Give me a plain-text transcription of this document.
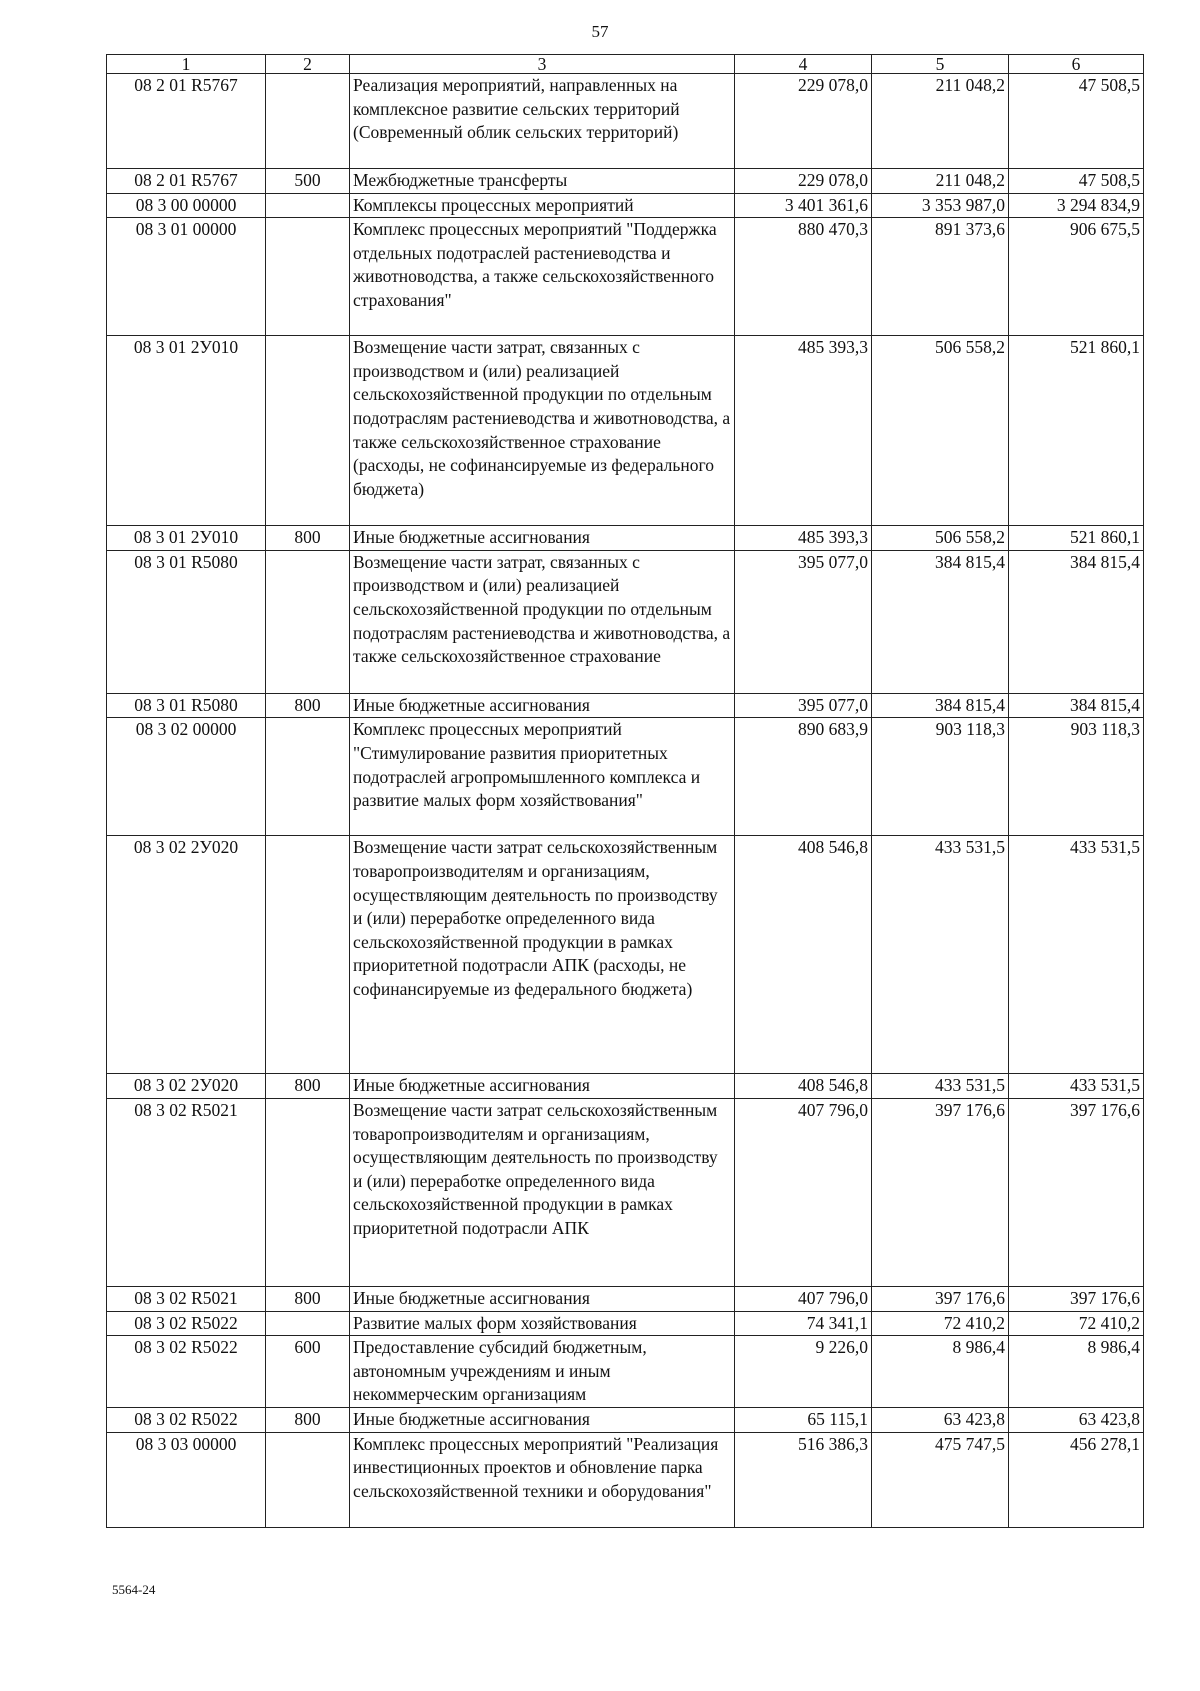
57
1	2	3	4	5	6
08 2 01 R5767		Реализация мероприятий, направленных на комплексное развитие сельских территорий (Современный облик сельских территорий)	229 078,0	211 048,2	47 508,5
08 2 01 R5767	500	Межбюджетные трансферты	229 078,0	211 048,2	47 508,5
08 3 00 00000		Комплексы процессных мероприятий	3 401 361,6	3 353 987,0	3 294 834,9
08 3 01 00000		Комплекс процессных мероприятий "Поддержка отдельных подотраслей растениеводства и животноводства, а также сельскохозяйственного страхования"	880 470,3	891 373,6	906 675,5
08 3 01 2У010		Возмещение части затрат, связанных с производством и (или) реализацией сельскохозяйственной продукции по отдельным подотраслям растениеводства и животноводства, а также сельскохозяйственное страхование (расходы, не софинансируемые из федерального бюджета)	485 393,3	506 558,2	521 860,1
08 3 01 2У010	800	Иные бюджетные ассигнования	485 393,3	506 558,2	521 860,1
08 3 01 R5080		Возмещение части затрат, связанных с производством и (или) реализацией сельскохозяйственной продукции по отдельным подотраслям растениеводства и животноводства, а также сельскохозяйственное страхование	395 077,0	384 815,4	384 815,4
08 3 01 R5080	800	Иные бюджетные ассигнования	395 077,0	384 815,4	384 815,4
08 3 02 00000		Комплекс процессных мероприятий "Стимулирование развития приоритетных подотраслей агропромышленного комплекса и развитие малых форм хозяйствования"	890 683,9	903 118,3	903 118,3
08 3 02 2У020		Возмещение части затрат сельскохозяйственным товаропроизводителям и организациям, осуществляющим деятельность по производству и (или) переработке определенного вида сельскохозяйственной продукции в рамках приоритетной подотрасли АПК (расходы, не софинансируемые из федерального бюджета)	408 546,8	433 531,5	433 531,5
08 3 02 2У020	800	Иные бюджетные ассигнования	408 546,8	433 531,5	433 531,5
08 3 02 R5021		Возмещение части затрат сельскохозяйственным товаропроизводителям и организациям, осуществляющим деятельность по производству и (или) переработке определенного вида сельскохозяйственной продукции в рамках приоритетной подотрасли АПК	407 796,0	397 176,6	397 176,6
08 3 02 R5021	800	Иные бюджетные ассигнования	407 796,0	397 176,6	397 176,6
08 3 02 R5022		Развитие малых форм хозяйствования	74 341,1	72 410,2	72 410,2
08 3 02 R5022	600	Предоставление субсидий бюджетным, автономным учреждениям и иным некоммерческим организациям	9 226,0	8 986,4	8 986,4
08 3 02 R5022	800	Иные бюджетные ассигнования	65 115,1	63 423,8	63 423,8
08 3 03 00000		Комплекс процессных мероприятий "Реализация инвестиционных проектов и обновление парка сельскохозяйственной техники и оборудования"	516 386,3	475 747,5	456 278,1
5564-24
